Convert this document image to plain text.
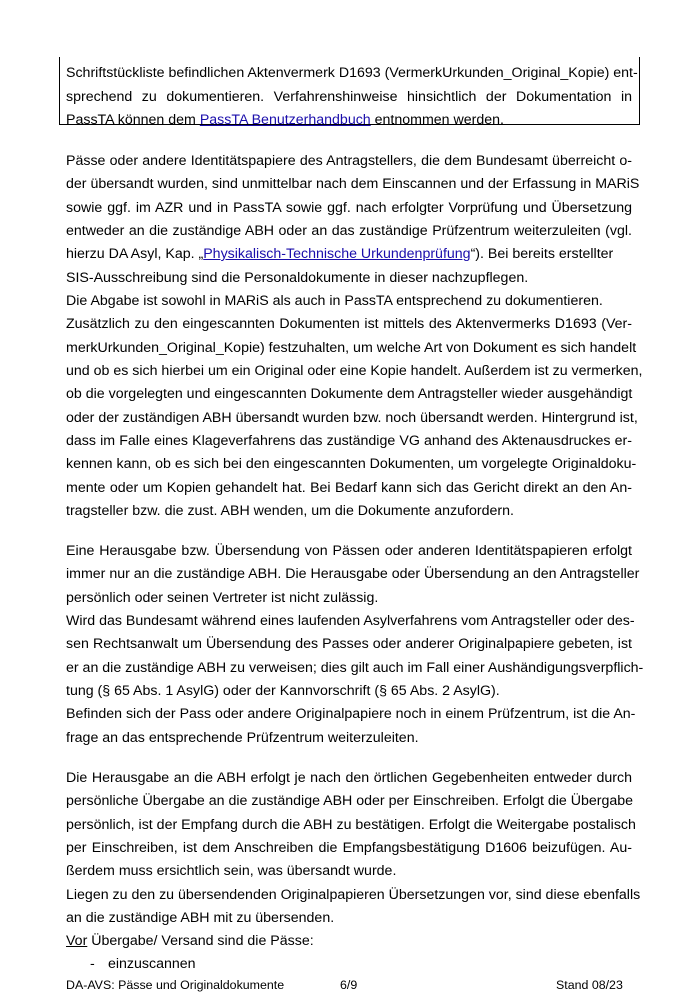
Schriftstückliste befindlichen Aktenvermerk D1693 (VermerkUrkunden_Original_Kopie) ent-
sprechend zu dokumentieren. Verfahrenshinweise hinsichtlich der Dokumentation in
PassTA können dem PassTA Benutzerhandbuch entnommen werden.
Pässe oder andere Identitätspapiere des Antragstellers, die dem Bundesamt überreicht o-
der übersandt wurden, sind unmittelbar nach dem Einscannen und der Erfassung in MARiS
sowie ggf. im AZR und in PassTA sowie ggf. nach erfolgter Vorprüfung und Übersetzung
entweder an die zuständige ABH oder an das zuständige Prüfzentrum weiterzuleiten (vgl.
hierzu DA Asyl, Kap. „Physikalisch-Technische Urkundenprüfung“). Bei bereits erstellter
SIS-Ausschreibung sind die Personaldokumente in dieser nachzupflegen.
Die Abgabe ist sowohl in MARiS als auch in PassTA entsprechend zu dokumentieren.
Zusätzlich zu den eingescannten Dokumenten ist mittels des Aktenvermerks D1693 (Ver-
merkUrkunden_Original_Kopie) festzuhalten, um welche Art von Dokument es sich handelt
und ob es sich hierbei um ein Original oder eine Kopie handelt. Außerdem ist zu vermerken,
ob die vorgelegten und eingescannten Dokumente dem Antragsteller wieder ausgehändigt
oder der zuständigen ABH übersandt wurden bzw. noch übersandt werden. Hintergrund ist,
dass im Falle eines Klageverfahrens das zuständige VG anhand des Aktenausdruckes er-
kennen kann, ob es sich bei den eingescannten Dokumenten, um vorgelegte Originaldoku-
mente oder um Kopien gehandelt hat. Bei Bedarf kann sich das Gericht direkt an den An-
tragsteller bzw. die zust. ABH wenden, um die Dokumente anzufordern.
Eine Herausgabe bzw. Übersendung von Pässen oder anderen Identitätspapieren erfolgt
immer nur an die zuständige ABH. Die Herausgabe oder Übersendung an den Antragsteller
persönlich oder seinen Vertreter ist nicht zulässig.
Wird das Bundesamt während eines laufenden Asylverfahrens vom Antragsteller oder des-
sen Rechtsanwalt um Übersendung des Passes oder anderer Originalpapiere gebeten, ist
er an die zuständige ABH zu verweisen; dies gilt auch im Fall einer Aushändigungsverpflich-
tung (§ 65 Abs. 1 AsylG) oder der Kannvorschrift (§ 65 Abs. 2 AsylG).
Befinden sich der Pass oder andere Originalpapiere noch in einem Prüfzentrum, ist die An-
frage an das entsprechende Prüfzentrum weiterzuleiten.
Die Herausgabe an die ABH erfolgt je nach den örtlichen Gegebenheiten entweder durch
persönliche Übergabe an die zuständige ABH oder per Einschreiben. Erfolgt die Übergabe
persönlich, ist der Empfang durch die ABH zu bestätigen. Erfolgt die Weitergabe postalisch
per Einschreiben, ist dem Anschreiben die Empfangsbestätigung D1606 beizufügen. Au-
ßerdem muss ersichtlich sein, was übersandt wurde.
Liegen zu den zu übersendenden Originalpapieren Übersetzungen vor, sind diese ebenfalls
an die zuständige ABH mit zu übersenden.
Vor Übergabe/ Versand sind die Pässe:
- einzuscannen
DA-AVS: Pässe und Originaldokumente	6/9	Stand 08/23
